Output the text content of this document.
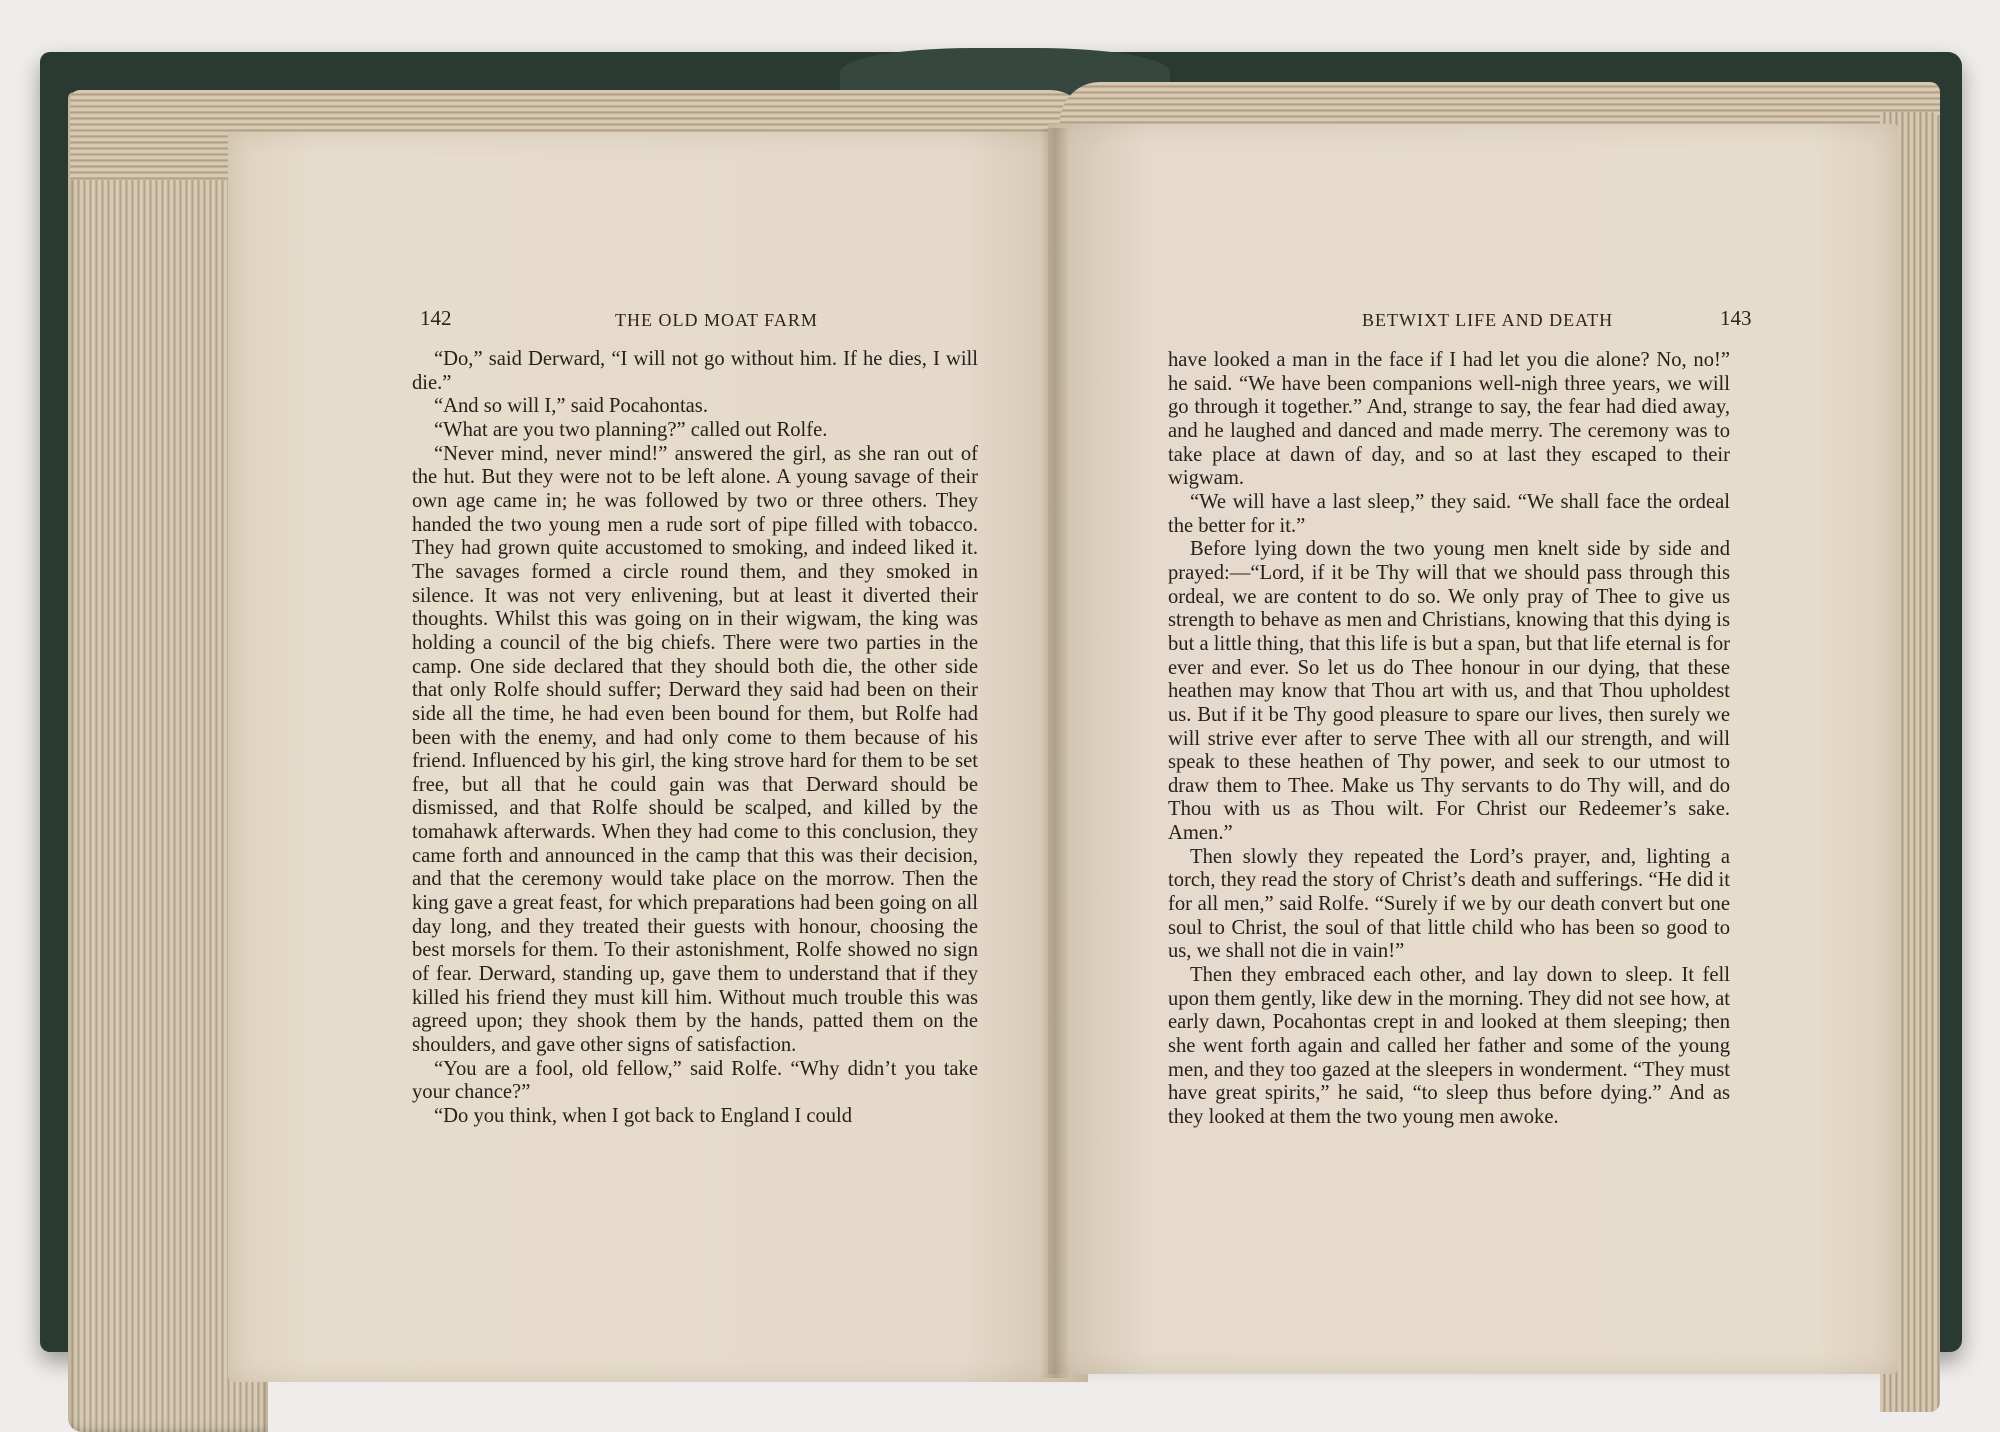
142	THE OLD MOAT FARM

“Do,” said Derward, “I will not go without him. If he dies, I will die.”

“And so will I,” said Pocahontas.

“What are you two planning?” called out Rolfe.

“Never mind, never mind!” answered the girl, as she ran out of the hut. But they were not to be left alone. A young savage of their own age came in; he was followed by two or three others. They handed the two young men a rude sort of pipe filled with tobacco. They had grown quite accustomed to smoking, and indeed liked it. The savages formed a circle round them, and they smoked in silence. It was not very enlivening, but at least it diverted their thoughts. Whilst this was going on in their wigwam, the king was holding a council of the big chiefs. There were two parties in the camp. One side declared that they should both die, the other side that only Rolfe should suffer; Derward they said had been on their side all the time, he had even been bound for them, but Rolfe had been with the enemy, and had only come to them because of his friend. Influenced by his girl, the king strove hard for them to be set free, but all that he could gain was that Derward should be dismissed, and that Rolfe should be scalped, and killed by the tomahawk afterwards. When they had come to this conclusion, they came forth and announced in the camp that this was their decision, and that the ceremony would take place on the morrow. Then the king gave a great feast, for which preparations had been going on all day long, and they treated their guests with honour, choosing the best morsels for them. To their astonishment, Rolfe showed no sign of fear. Derward, standing up, gave them to understand that if they killed his friend they must kill him. Without much trouble this was agreed upon; they shook them by the hands, patted them on the shoulders, and gave other signs of satisfaction.

“You are a fool, old fellow,” said Rolfe. “Why didn’t you take your chance?”

“Do you think, when I got back to England I could

BETWIXT LIFE AND DEATH	143

have looked a man in the face if I had let you die alone? No, no!” he said. “We have been companions well-nigh three years, we will go through it together.” And, strange to say, the fear had died away, and he laughed and danced and made merry. The ceremony was to take place at dawn of day, and so at last they escaped to their wigwam.

“We will have a last sleep,” they said. “We shall face the ordeal the better for it.”

Before lying down the two young men knelt side by side and prayed:—“Lord, if it be Thy will that we should pass through this ordeal, we are content to do so. We only pray of Thee to give us strength to behave as men and Christians, knowing that this dying is but a little thing, that this life is but a span, but that life eternal is for ever and ever. So let us do Thee honour in our dying, that these heathen may know that Thou art with us, and that Thou upholdest us. But if it be Thy good pleasure to spare our lives, then surely we will strive ever after to serve Thee with all our strength, and will speak to these heathen of Thy power, and seek to our utmost to draw them to Thee. Make us Thy servants to do Thy will, and do Thou with us as Thou wilt. For Christ our Redeemer’s sake. Amen.”

Then slowly they repeated the Lord’s prayer, and, lighting a torch, they read the story of Christ’s death and sufferings. “He did it for all men,” said Rolfe. “Surely if we by our death convert but one soul to Christ, the soul of that little child who has been so good to us, we shall not die in vain!”

Then they embraced each other, and lay down to sleep. It fell upon them gently, like dew in the morning. They did not see how, at early dawn, Pocahontas crept in and looked at them sleeping; then she went forth again and called her father and some of the young men, and they too gazed at the sleepers in wonderment. “They must have great spirits,” he said, “to sleep thus before dying.” And as they looked at them the two young men awoke.
